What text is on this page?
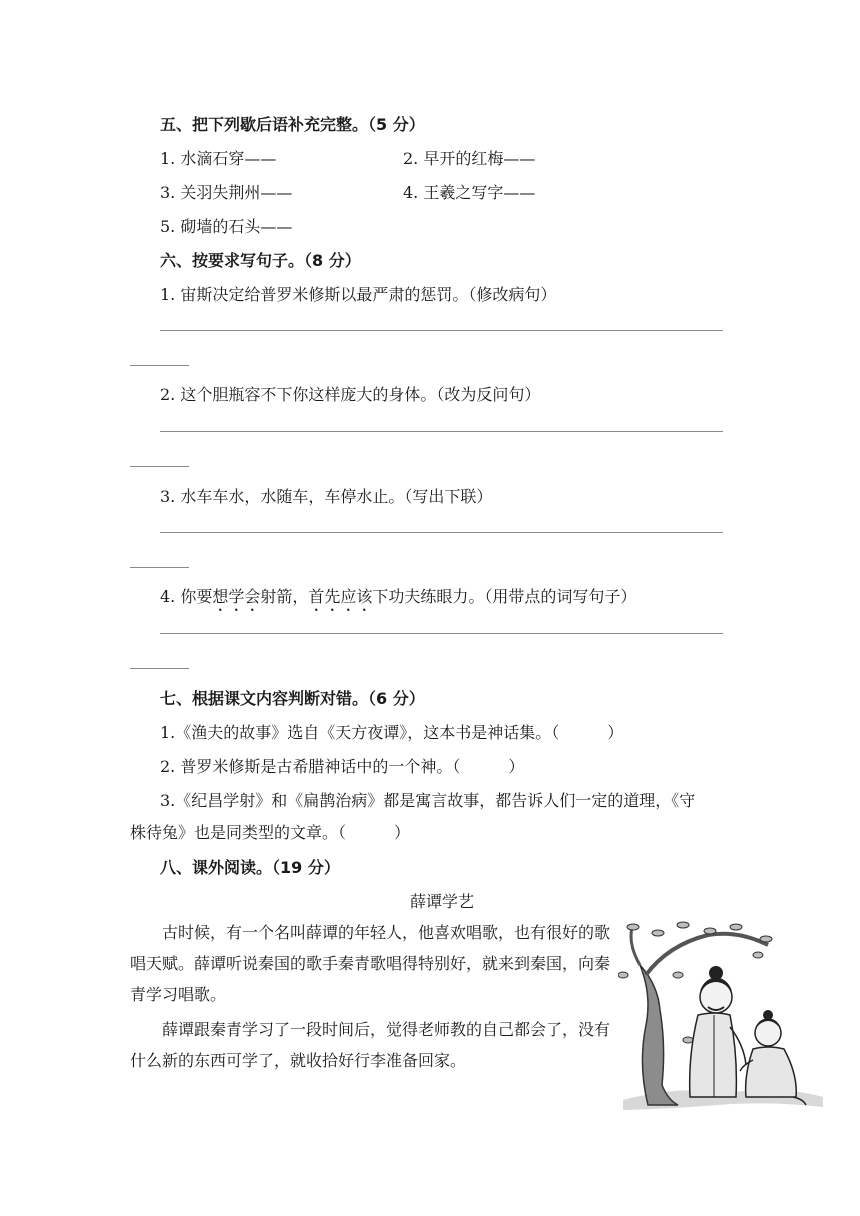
五、把下列歇后语补充完整。（5 分）
1. 水滴石穿——	2. 早开的红梅——
3. 关羽失荆州——	4. 王羲之写字——
5. 砌墙的石头——
六、按要求写句子。（8 分）
1. 宙斯决定给普罗米修斯以最严肃的惩罚。（修改病句）
2. 这个胆瓶容不下你这样庞大的身体。（改为反问句）
3. 水车车水，水随车，车停水止。（写出下联）
4. 你要想学会射箭，首先应该下功夫练眼力。（用带点的词写句子）
七、根据课文内容判断对错。（6 分）
1.《渔夫的故事》选自《天方夜谭》，这本书是神话集。（　　　）
2. 普罗米修斯是古希腊神话中的一个神。（　　　）
3.《纪昌学射》和《扁鹊治病》都是寓言故事，都告诉人们一定的道理，《守
株待兔》也是同类型的文章。（　　　）
八、课外阅读。（19 分）
薛谭学艺

古时候，有一个名叫薛谭的年轻人，他喜欢唱歌，也有很好的歌唱天赋。薛谭听说秦国的歌手秦青歌唱得特别好，就来到秦国，向秦青学习唱歌。

薛谭跟秦青学习了一段时间后，觉得老师教的自己都会了，没有什么新的东西可学了，就收拾好行李准备回家。
